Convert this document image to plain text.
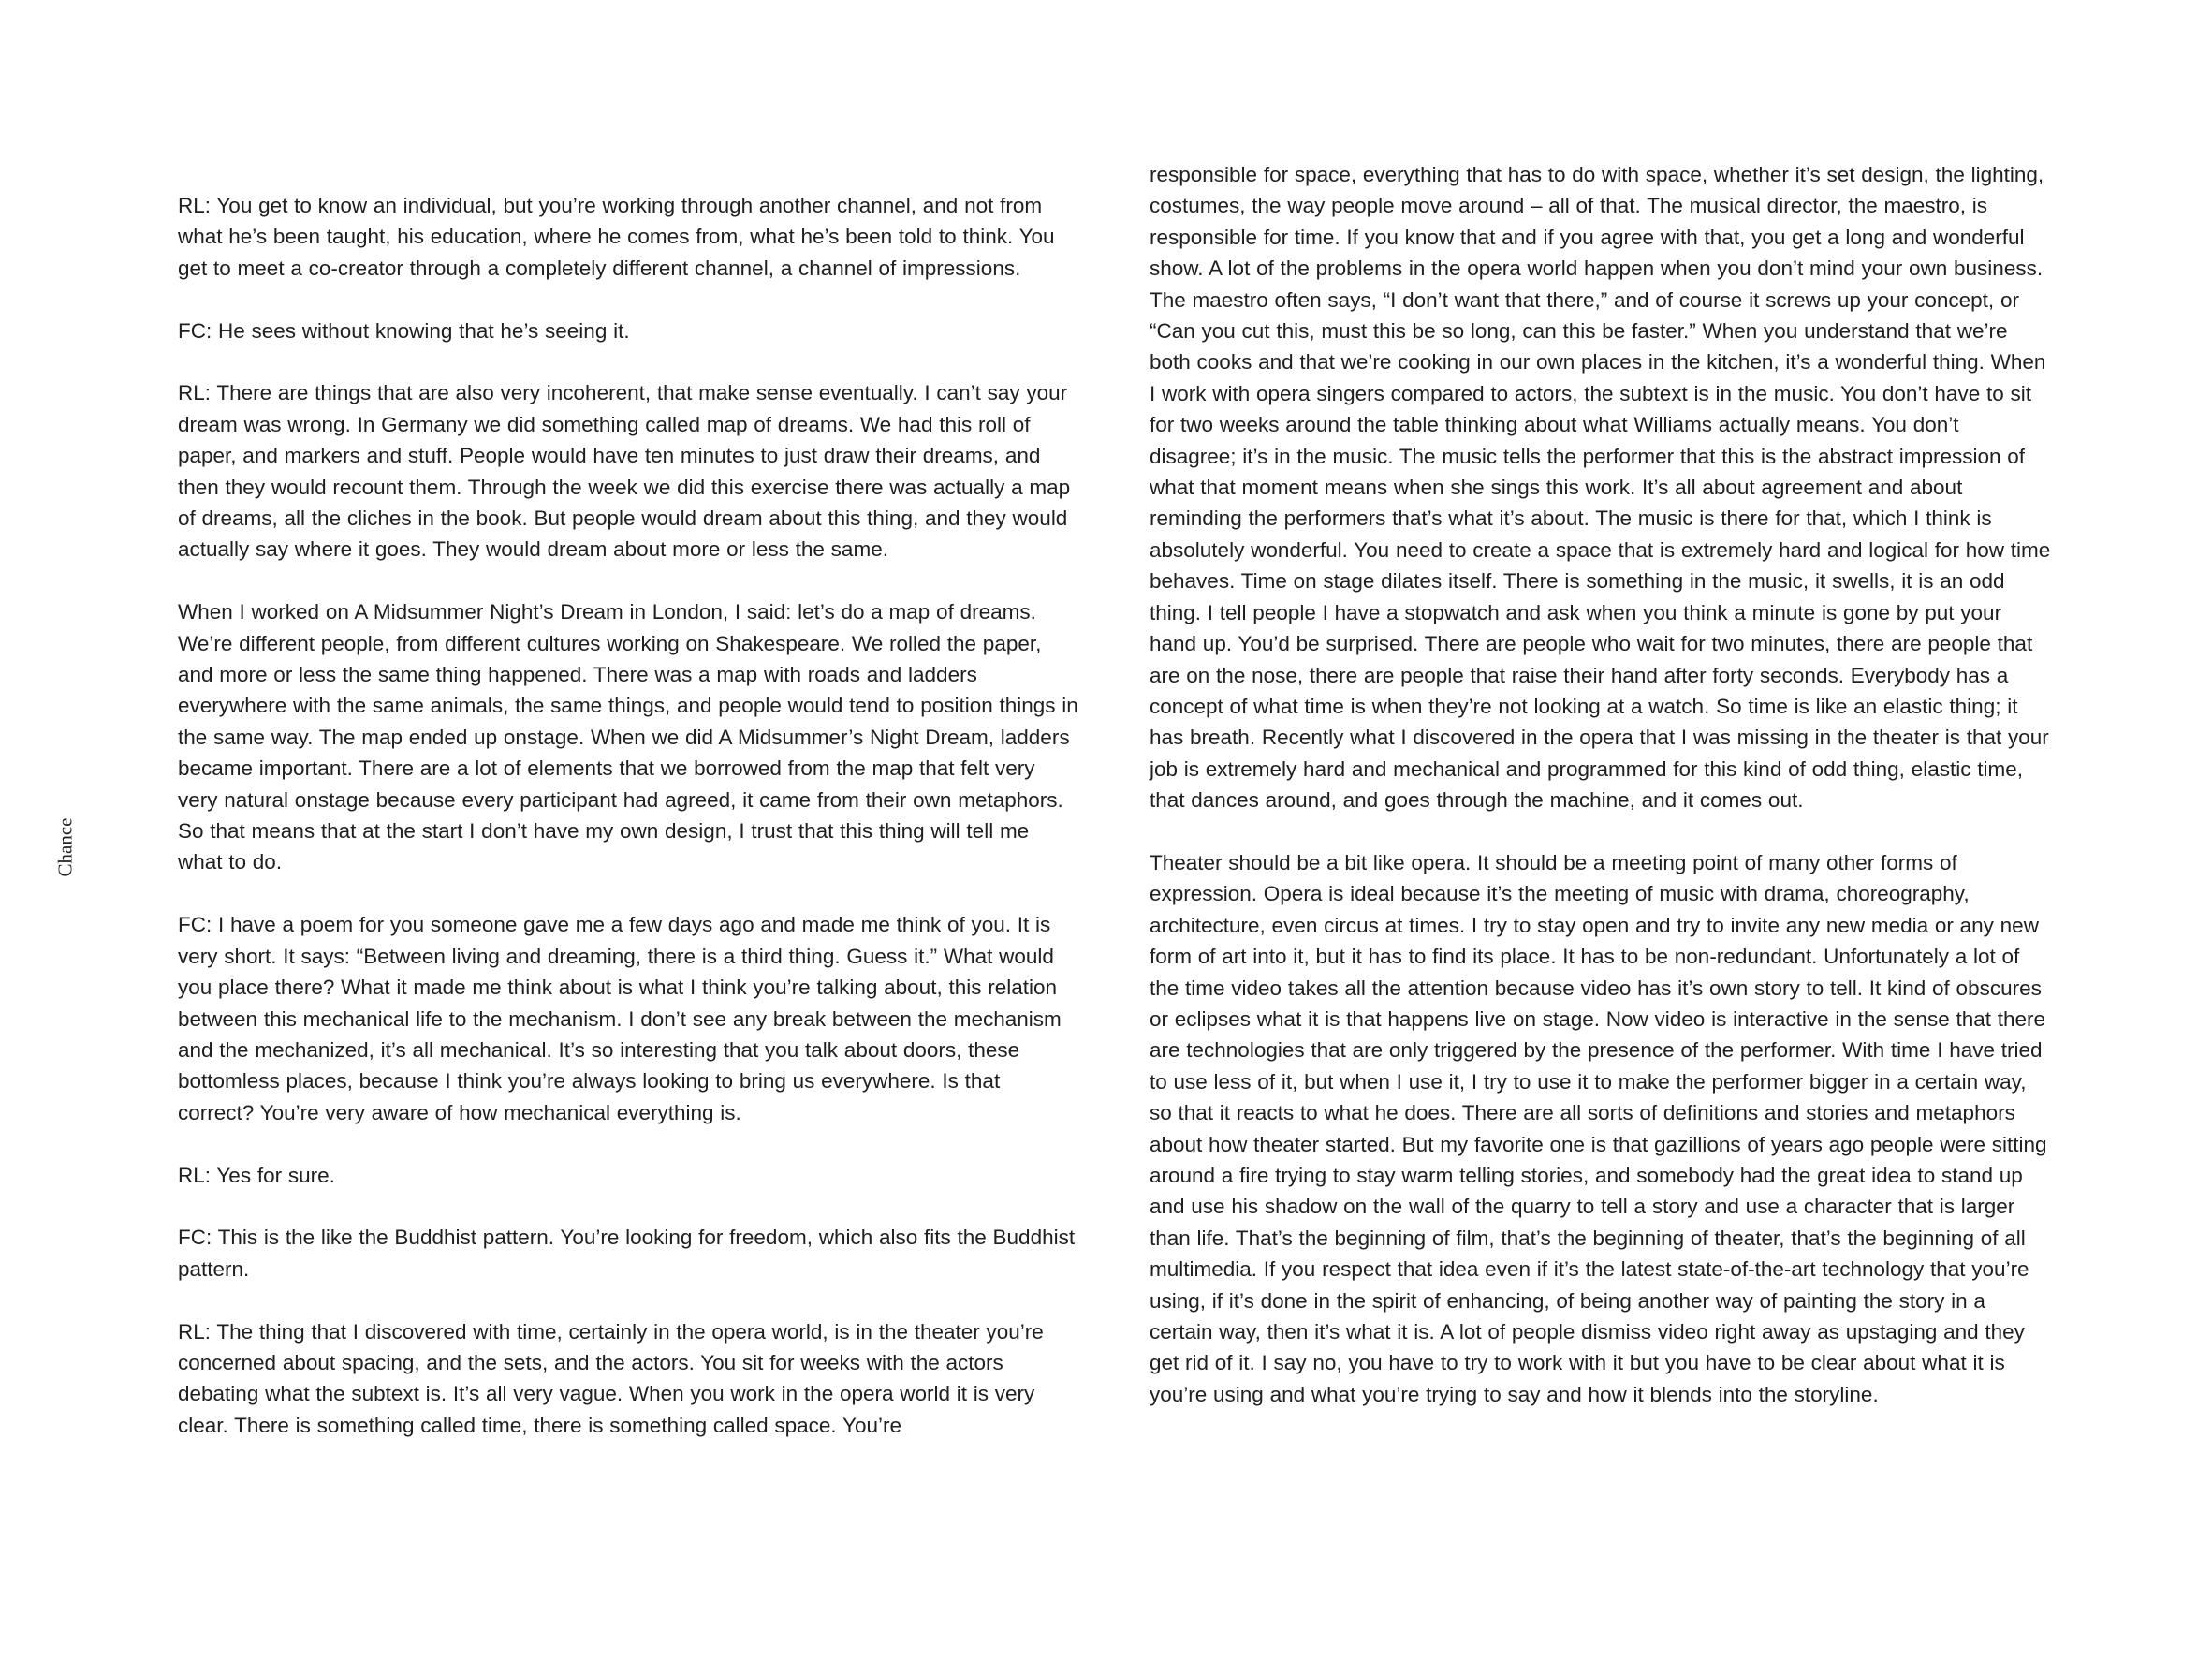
Chance

RL: You get to know an individual, but you’re working through another channel, and not from what he’s been taught, his education, where he comes from, what he’s been told to think. You get to meet a co-creator through a completely different channel, a channel of impressions.

FC: He sees without knowing that he’s seeing it.

RL: There are things that are also very incoherent, that make sense eventually. I can’t say your dream was wrong. In Germany we did something called map of dreams. We had this roll of paper, and markers and stuff. People would have ten minutes to just draw their dreams, and then they would recount them. Through the week we did this exercise there was actually a map of dreams, all the cliches in the book. But people would dream about this thing, and they would actually say where it goes. They would dream about more or less the same.

When I worked on A Midsummer Night’s Dream in London, I said: let’s do a map of dreams. We’re different people, from different cultures working on Shakespeare. We rolled the paper, and more or less the same thing happened. There was a map with roads and ladders everywhere with the same animals, the same things, and people would tend to position things in the same way. The map ended up onstage. When we did A Midsummer’s Night Dream, ladders became important. There are a lot of elements that we borrowed from the map that felt very very natural onstage because every participant had agreed, it came from their own metaphors. So that means that at the start I don’t have my own design, I trust that this thing will tell me what to do.

FC: I have a poem for you someone gave me a few days ago and made me think of you. It is very short. It says: “Between living and dreaming, there is a third thing. Guess it.” What would you place there? What it made me think about is what I think you’re talking about, this relation between this mechanical life to the mechanism. I don’t see any break between the mechanism and the mechanized, it’s all mechanical. It’s so interesting that you talk about doors, these bottomless places, because I think you’re always looking to bring us everywhere. Is that correct? You’re very aware of how mechanical everything is.

RL: Yes for sure.

FC: This is the like the Buddhist pattern. You’re looking for freedom, which also fits the Buddhist pattern.

RL: The thing that I discovered with time, certainly in the opera world, is in the theater you’re concerned about spacing, and the sets, and the actors. You sit for weeks with the actors debating what the subtext is. It’s all very vague. When you work in the opera world it is very clear. There is something called time, there is something called space. You’re

responsible for space, everything that has to do with space, whether it’s set design, the lighting, costumes, the way people move around – all of that. The musical director, the maestro, is responsible for time. If you know that and if you agree with that, you get a long and wonderful show. A lot of the problems in the opera world happen when you don’t mind your own business. The maestro often says, “I don’t want that there,” and of course it screws up your concept, or “Can you cut this, must this be so long, can this be faster.” When you understand that we’re both cooks and that we’re cooking in our own places in the kitchen, it’s a wonderful thing. When I work with opera singers compared to actors, the subtext is in the music. You don’t have to sit for two weeks around the table thinking about what Williams actually means. You don’t disagree; it’s in the music. The music tells the performer that this is the abstract impression of what that moment means when she sings this work. It’s all about agreement and about reminding the performers that’s what it’s about. The music is there for that, which I think is absolutely wonderful. You need to create a space that is extremely hard and logical for how time behaves. Time on stage dilates itself. There is something in the music, it swells, it is an odd thing. I tell people I have a stopwatch and ask when you think a minute is gone by put your hand up. You’d be surprised. There are people who wait for two minutes, there are people that are on the nose, there are people that raise their hand after forty seconds. Everybody has a concept of what time is when they’re not looking at a watch. So time is like an elastic thing; it has breath. Recently what I discovered in the opera that I was missing in the theater is that your job is extremely hard and mechanical and programmed for this kind of odd thing, elastic time, that dances around, and goes through the machine, and it comes out.

Theater should be a bit like opera. It should be a meeting point of many other forms of expression. Opera is ideal because it’s the meeting of music with drama, choreography, architecture, even circus at times. I try to stay open and try to invite any new media or any new form of art into it, but it has to find its place. It has to be non-redundant. Unfortunately a lot of the time video takes all the attention because video has it’s own story to tell. It kind of obscures or eclipses what it is that happens live on stage. Now video is interactive in the sense that there are technologies that are only triggered by the presence of the performer. With time I have tried to use less of it, but when I use it, I try to use it to make the performer bigger in a certain way, so that it reacts to what he does. There are all sorts of definitions and stories and metaphors about how theater started. But my favorite one is that gazillions of years ago people were sitting around a fire trying to stay warm telling stories, and somebody had the great idea to stand up and use his shadow on the wall of the quarry to tell a story and use a character that is larger than life. That’s the beginning of film, that’s the beginning of theater, that’s the beginning of all multimedia. If you respect that idea even if it’s the latest state-of-the-art technology that you’re using, if it’s done in the spirit of enhancing, of being another way of painting the story in a certain way, then it’s what it is. A lot of people dismiss video right away as upstaging and they get rid of it. I say no, you have to try to work with it but you have to be clear about what it is you’re using and what you’re trying to say and how it blends into the storyline.
